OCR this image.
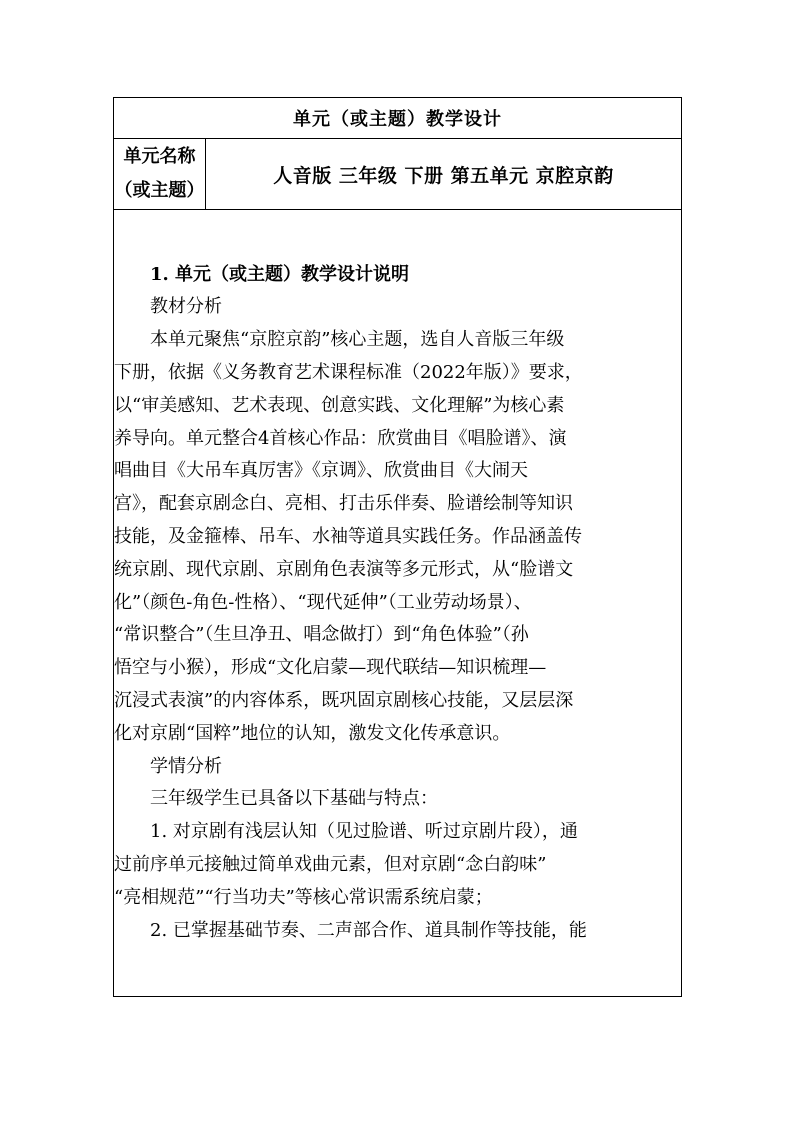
单元（或主题）教学设计

单元名称
（或主题）
	人音版 三年级 下册 第五单元 京腔京韵

1. 单元（或主题）教学设计说明

教材分析

本单元聚焦“京腔京韵”核心主题，选自人音版三年级
下册，依据《义务教育艺术课程标准（2022年版）》要求，
以“审美感知、艺术表现、创意实践、文化理解”为核心素
养导向。单元整合4首核心作品：欣赏曲目《唱脸谱》、演
唱曲目《大吊车真厉害》《京调》、欣赏曲目《大闹天
宫》，配套京剧念白、亮相、打击乐伴奏、脸谱绘制等知识
技能，及金箍棒、吊车、水袖等道具实践任务。作品涵盖传
统京剧、现代京剧、京剧角色表演等多元形式，从“脸谱文
化”（颜色-角色-性格）、“现代延伸”（工业劳动场景）、
“常识整合”（生旦净丑、唱念做打）到“角色体验”（孙
悟空与小猴），形成“文化启蒙—现代联结—知识梳理—
沉浸式表演”的内容体系，既巩固京剧核心技能，又层层深
化对京剧“国粹”地位的认知，激发文化传承意识。

学情分析

三年级学生已具备以下基础与特点：

1. 对京剧有浅层认知（见过脸谱、听过京剧片段），通
过前序单元接触过简单戏曲元素，但对京剧“念白韵味”
“亮相规范”“行当功夫”等核心常识需系统启蒙；

2. 已掌握基础节奏、二声部合作、道具制作等技能，能
